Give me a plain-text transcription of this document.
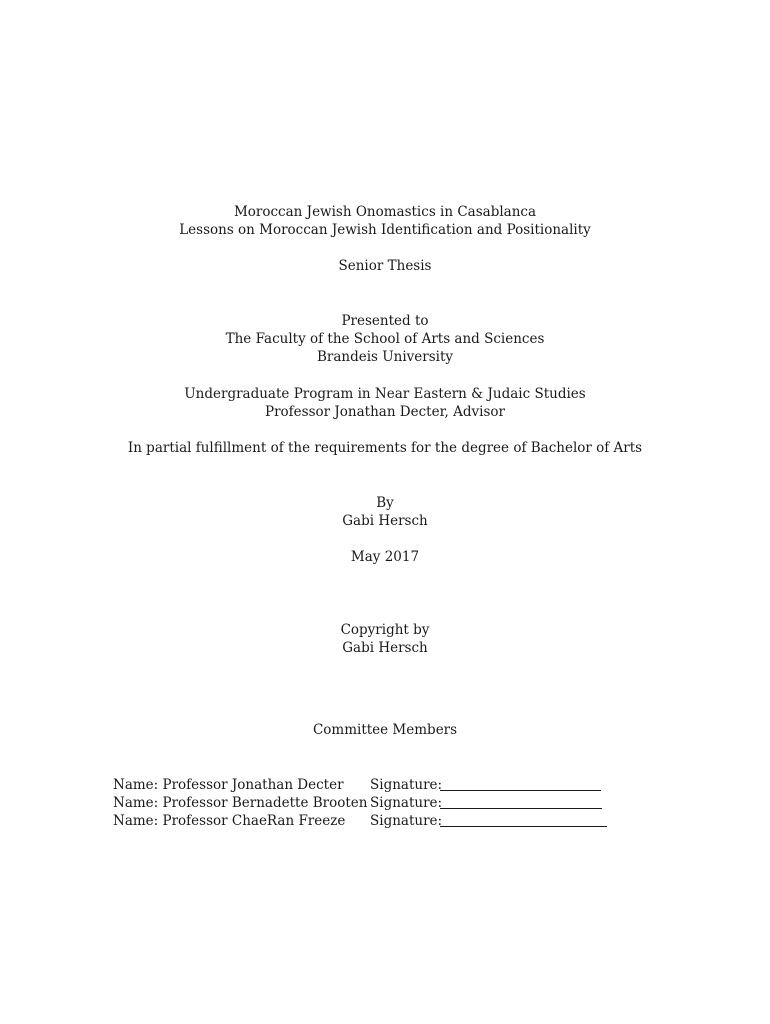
Moroccan Jewish Onomastics in Casablanca
Lessons on Moroccan Jewish Identification and Positionality
Senior Thesis
Presented to
The Faculty of the School of Arts and Sciences
Brandeis University
Undergraduate Program in Near Eastern & Judaic Studies
Professor Jonathan Decter, Advisor
In partial fulfillment of the requirements for the degree of Bachelor of Arts
By
Gabi Hersch
May 2017
Copyright by
Gabi Hersch
Committee Members
Name: Professor Jonathan Decter Signature:
Name: Professor Bernadette Brooten Signature:
Name: Professor ChaeRan Freeze Signature:
